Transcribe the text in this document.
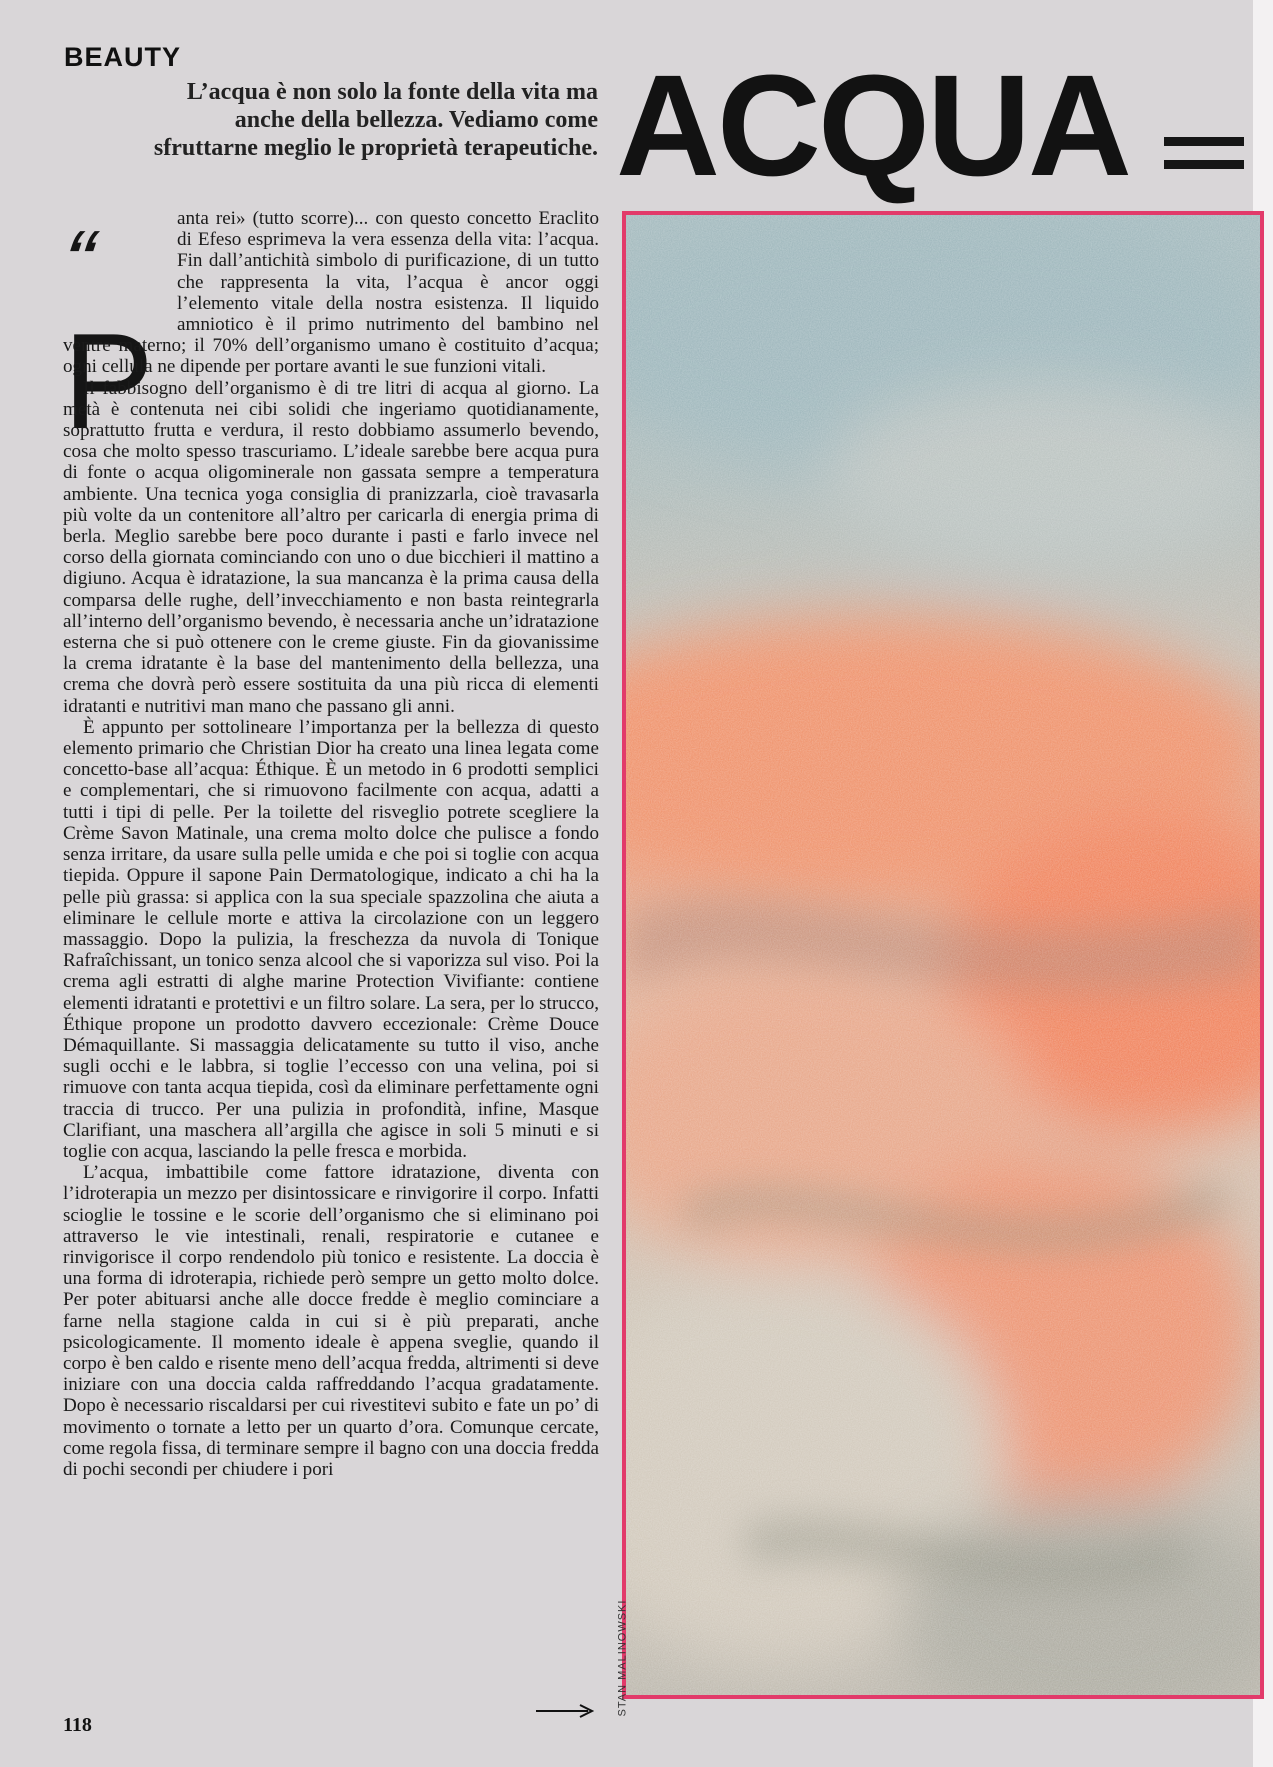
BEAUTY

L’acqua è non solo la fonte della vita ma anche della bellezza. Vediamo come sfruttarne meglio le proprietà terapeutiche. ACQUA
“P

anta rei» (tutto scorre)... con questo concetto Eraclito di Efeso esprimeva la vera essenza della vita: l’acqua. Fin dall’antichità simbolo di purificazione, di un tutto che rappresenta la vita, l’acqua è ancor oggi l’elemento vitale della nostra esistenza. Il liquido amniotico è il primo nutrimento del bambino nel ventre materno; il 70% dell’organismo umano è costituito d’acqua; ogni cellula ne dipende per portare avanti le sue funzioni vitali.

Il fabbisogno dell’organismo è di tre litri di acqua al giorno. La metà è contenuta nei cibi solidi che ingeriamo quotidianamente, soprattutto frutta e verdura, il resto dobbiamo assumerlo bevendo, cosa che molto spesso trascuriamo. L’ideale sarebbe bere acqua pura di fonte o acqua oligominerale non gassata sempre a temperatura ambiente. Una tecnica yoga consiglia di pranizzarla, cioè travasarla più volte da un contenitore all’altro per caricarla di energia prima di berla. Meglio sarebbe bere poco durante i pasti e farlo invece nel corso della giornata cominciando con uno o due bicchieri il mattino a digiuno. Acqua è idratazione, la sua mancanza è la prima causa della comparsa delle rughe, dell’invecchiamento e non basta reintegrarla all’interno dell’organismo bevendo, è necessaria anche un’idratazione esterna che si può ottenere con le creme giuste. Fin da giovanissime la crema idratante è la base del mantenimento della bellezza, una crema che dovrà però essere sostituita da una più ricca di elementi idratanti e nutritivi man mano che passano gli anni.

È appunto per sottolineare l’importanza per la bellezza di questo elemento primario che Christian Dior ha creato una linea legata come concetto-base all’acqua: Éthique. È un metodo in 6 prodotti semplici e complementari, che si rimuovono facilmente con acqua, adatti a tutti i tipi di pelle. Per la toilette del risveglio potrete scegliere la Crème Savon Matinale, una crema molto dolce che pulisce a fondo senza irritare, da usare sulla pelle umida e che poi si toglie con acqua tiepida. Oppure il sapone Pain Dermatologique, indicato a chi ha la pelle più grassa: si applica con la sua speciale spazzolina che aiuta a eliminare le cellule morte e attiva la circolazione con un leggero massaggio. Dopo la pulizia, la freschezza da nuvola di Tonique Rafraîchissant, un tonico senza alcool che si vaporizza sul viso. Poi la crema agli estratti di alghe marine Protection Vivifiante: contiene elementi idratanti e protettivi e un filtro solare. La sera, per lo strucco, Éthique propone un prodotto davvero eccezionale: Crème Douce Démaquillante. Si massaggia delicatamente su tutto il viso, anche sugli occhi e le labbra, si toglie l’eccesso con una velina, poi si rimuove con tanta acqua tiepida, così da eliminare perfettamente ogni traccia di trucco. Per una pulizia in profondità, infine, Masque Clarifiant, una maschera all’argilla che agisce in soli 5 minuti e si toglie con acqua, lasciando la pelle fresca e morbida.

L’acqua, imbattibile come fattore idratazione, diventa con l’idroterapia un mezzo per disintossicare e rinvigorire il corpo. Infatti scioglie le tossine e le scorie dell’organismo che si eliminano poi attraverso le vie intestinali, renali, respiratorie e cutanee e rinvigorisce il corpo rendendolo più tonico e resistente. La doccia è una forma di idroterapia, richiede però sempre un getto molto dolce. Per poter abituarsi anche alle docce fredde è meglio cominciare a farne nella stagione calda in cui si è più preparati, anche psicologicamente. Il momento ideale è appena sveglie, quando il corpo è ben caldo e risente meno dell’acqua fredda, altrimenti si deve iniziare con una doccia calda raffreddando l’acqua gradatamente. Dopo è necessario riscaldarsi per cui rivestitevi subito e fate un po’ di movimento o tornate a letto per un quarto d’ora. Comunque cercate, come regola fissa, di terminare sempre il bagno con una doccia fredda di pochi secondi per chiudere i pori

STAN MALINOWSKI

118
